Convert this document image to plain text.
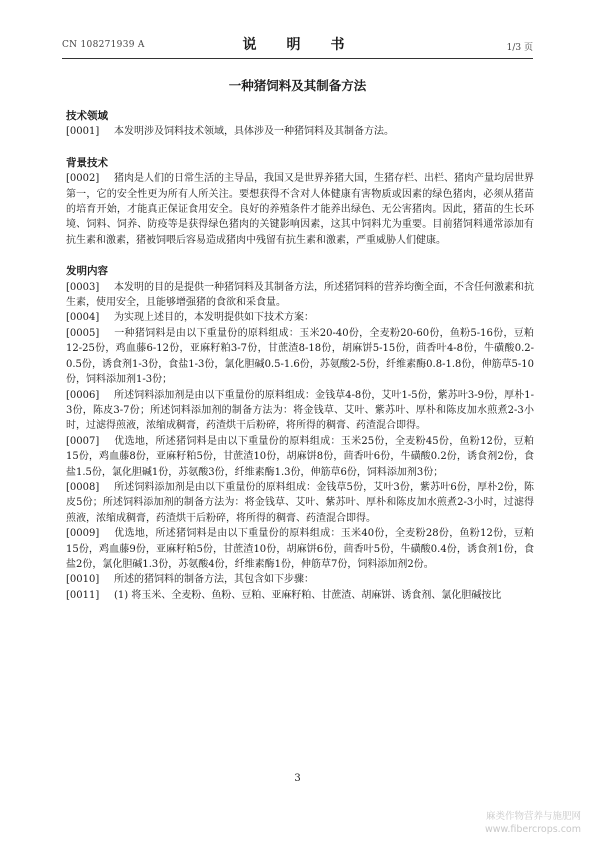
CN 108271939 A	说　明　书	1/3 页
一种猪饲料及其制备方法

技术领域

[0001] 本发明涉及饲料技术领域，具体涉及一种猪饲料及其制备方法。

背景技术

[0002] 猪肉是人们的日常生活的主导品，我国又是世界养猪大国，生猪存栏、出栏、猪肉产量均居世界第一，它的安全性更为所有人所关注。要想获得不含对人体健康有害物质或因素的绿色猪肉，必须从猪苗的培育开始，才能真正保证食用安全。良好的养殖条件才能养出绿色、无公害猪肉。因此，猪苗的生长环境、饲料、饲养、防疫等是获得绿色猪肉的关键影响因素，这其中饲料尤为重要。目前猪饲料通常添加有抗生素和激素，猪被饲喂后容易造成猪肉中残留有抗生素和激素，严重威胁人们健康。

发明内容

[0003] 本发明的目的是提供一种猪饲料及其制备方法，所述猪饲料的营养均衡全面，不含任何激素和抗生素，使用安全，且能够增强猪的食欲和采食量。

[0004] 为实现上述目的，本发明提供如下技术方案：

[0005] 一种猪饲料是由以下重量份的原料组成：玉米20-40份，全麦粉20-60份，鱼粉5-16份，豆粕12-25份，鸡血藤6-12份，亚麻籽粕3-7份，甘蔗渣8-18份，胡麻饼5-15份，茴香叶4-8份，牛磺酸0.2-0.5份，诱食剂1-3份，食盐1-3份，氯化胆碱0.5-1.6份，苏氨酸2-5份，纤维素酶0.8-1.8份，伸筋草5-10份，饲料添加剂1-3份；

[0006] 所述饲料添加剂是由以下重量份的原料组成：金钱草4-8份，艾叶1-5份，紫苏叶3-9份，厚朴1-3份，陈皮3-7份；所述饲料添加剂的制备方法为：将金钱草、艾叶、紫苏叶、厚朴和陈皮加水煎煮2-3小时，过滤得煎液，浓缩成稠膏，药渣烘干后粉碎，将所得的稠膏、药渣混合即得。

[0007] 优选地，所述猪饲料是由以下重量份的原料组成：玉米25份，全麦粉45份，鱼粉12份，豆粕15份，鸡血藤8份，亚麻籽粕5份，甘蔗渣10份，胡麻饼8份，茴香叶6份，牛磺酸0.2份，诱食剂2份，食盐1.5份，氯化胆碱1份，苏氨酸3份，纤维素酶1.3份，伸筋草6份，饲料添加剂3份；

[0008] 所述饲料添加剂是由以下重量份的原料组成：金钱草5份，艾叶3份，紫苏叶6份，厚朴2份，陈皮5份；所述饲料添加剂的制备方法为：将金钱草、艾叶、紫苏叶、厚朴和陈皮加水煎煮2-3小时，过滤得煎液，浓缩成稠膏，药渣烘干后粉碎，将所得的稠膏、药渣混合即得。

[0009] 优选地，所述猪饲料是由以下重量份的原料组成：玉米40份，全麦粉28份，鱼粉12份，豆粕15份，鸡血藤9份，亚麻籽粕5份，甘蔗渣10份，胡麻饼6份，茴香叶5份，牛磺酸0.4份，诱食剂1份，食盐2份，氯化胆碱1.3份，苏氨酸4份，纤维素酶1份，伸筋草7份，饲料添加剂2份。

[0010] 所述的猪饲料的制备方法，其包含如下步骤：

[0011] (1) 将玉米、全麦粉、鱼粉、豆粕、亚麻籽粕、甘蔗渣、胡麻饼、诱食剂、氯化胆碱按比

3
麻类作物营养与施肥网
www.fibercrops.com
